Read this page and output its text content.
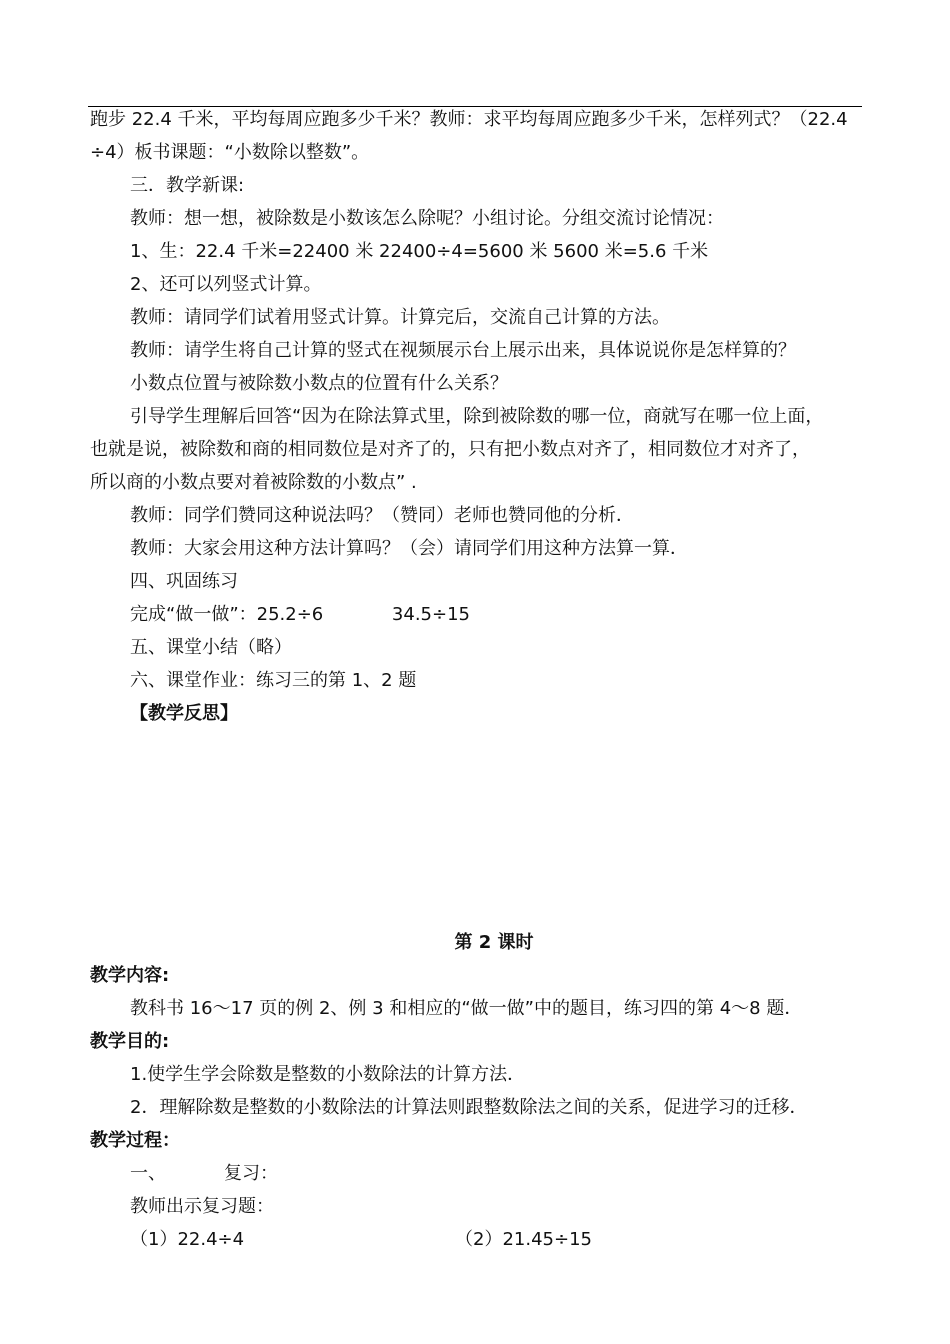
跑步 22.4 千米，平均每周应跑多少千米？教师：求平均每周应跑多少千米，怎样列式？（22.4
÷4）板书课题：“小数除以整数”。
三．教学新课:
教师：想一想，被除数是小数该怎么除呢？小组讨论。分组交流讨论情况：
1、生：22.4 千米=22400 米 22400÷4=5600 米 5600 米=5.6 千米
2、还可以列竖式计算。
教师：请同学们试着用竖式计算。计算完后，交流自己计算的方法。
教师：请学生将自己计算的竖式在视频展示台上展示出来，具体说说你是怎样算的？
小数点位置与被除数小数点的位置有什么关系？
引导学生理解后回答“因为在除法算式里，除到被除数的哪一位，商就写在哪一位上面，
也就是说，被除数和商的相同数位是对齐了的，只有把小数点对齐了，相同数位才对齐了，
所以商的小数点要对着被除数的小数点” .
教师：同学们赞同这种说法吗？（赞同）老师也赞同他的分析．
教师：大家会用这种方法计算吗？（会）请同学们用这种方法算一算．
四、巩固练习
完成“做一做”：25.2÷6            34.5÷15
五、课堂小结（略）
六、课堂作业：练习三的第 1、2 题
【教学反思】
第 2 课时
教学内容:
教科书 16～17 页的例 2、例 3 和相应的“做一做”中的题目，练习四的第 4～8 题．
教学目的:
1.使学生学会除数是整数的小数除法的计算方法．
2．理解除数是整数的小数除法的计算法则跟整数除法之间的关系，促进学习的迁移．
教学过程：
一、	复习：
教师出示复习题：
（1）22.4÷4	（2）21.45÷15
